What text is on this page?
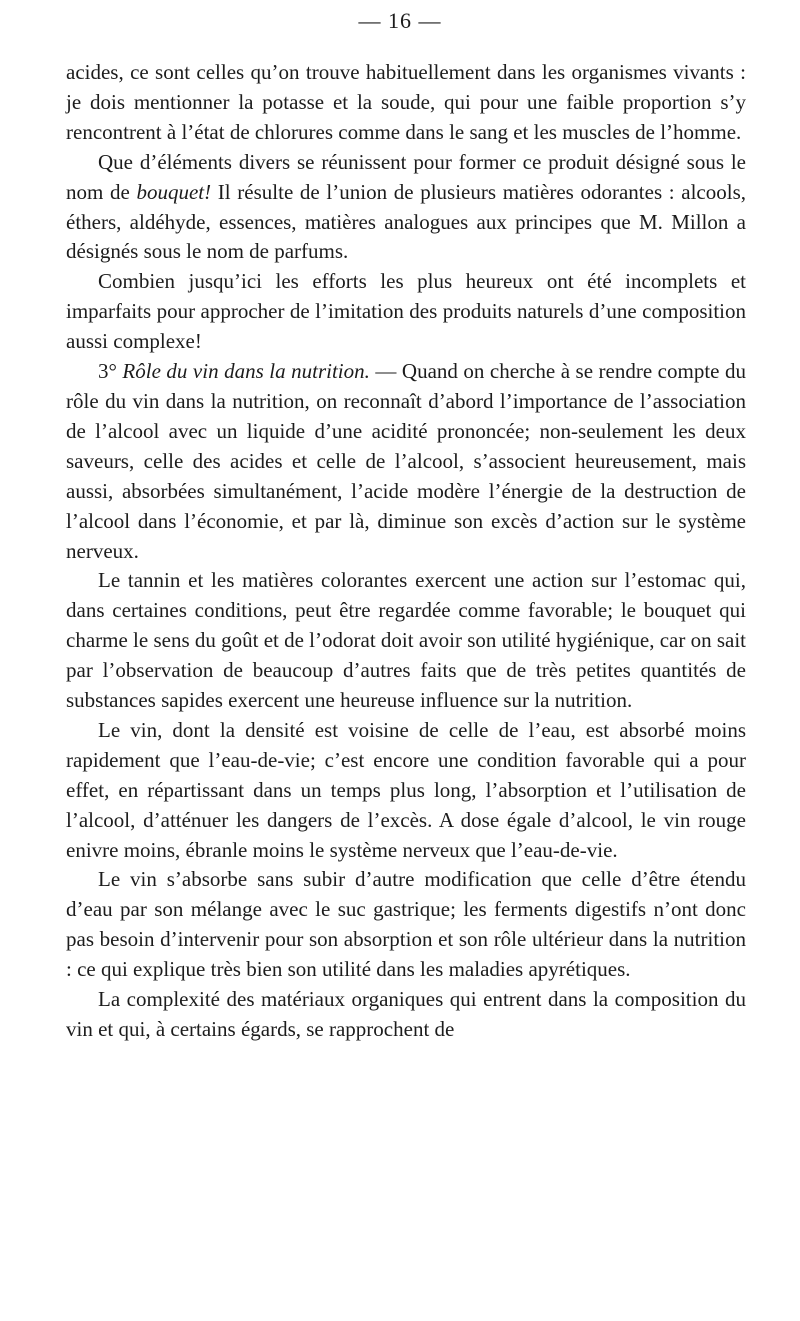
— 16 —

acides, ce sont celles qu’on trouve habituellement dans les organismes vivants : je dois mentionner la potasse et la soude, qui pour une faible proportion s’y rencontrent à l’état de chlorures comme dans le sang et les muscles de l’homme.

Que d’éléments divers se réunissent pour former ce produit désigné sous le nom de bouquet! Il résulte de l’union de plusieurs matières odorantes : alcools, éthers, aldéhyde, essences, matières analogues aux principes que M. Millon a désignés sous le nom de parfums.

Combien jusqu’ici les efforts les plus heureux ont été incomplets et imparfaits pour approcher de l’imitation des produits naturels d’une composition aussi complexe!

3° Rôle du vin dans la nutrition. — Quand on cherche à se rendre compte du rôle du vin dans la nutrition, on reconnaît d’abord l’importance de l’association de l’alcool avec un liquide d’une acidité prononcée; non-seulement les deux saveurs, celle des acides et celle de l’alcool, s’associent heureusement, mais aussi, absorbées simultanément, l’acide modère l’énergie de la destruction de l’alcool dans l’économie, et par là, diminue son excès d’action sur le système nerveux.

Le tannin et les matières colorantes exercent une action sur l’estomac qui, dans certaines conditions, peut être regardée comme favorable; le bouquet qui charme le sens du goût et de l’odorat doit avoir son utilité hygiénique, car on sait par l’observation de beaucoup d’autres faits que de très petites quantités de substances sapides exercent une heureuse influence sur la nutrition.

Le vin, dont la densité est voisine de celle de l’eau, est absorbé moins rapidement que l’eau-de-vie; c’est encore une condition favorable qui a pour effet, en répartissant dans un temps plus long, l’absorption et l’utilisation de l’alcool, d’atténuer les dangers de l’excès. A dose égale d’alcool, le vin rouge enivre moins, ébranle moins le système nerveux que l’eau-de-vie.

Le vin s’absorbe sans subir d’autre modification que celle d’être étendu d’eau par son mélange avec le suc gastrique; les ferments digestifs n’ont donc pas besoin d’intervenir pour son absorption et son rôle ultérieur dans la nutrition : ce qui explique très bien son utilité dans les maladies apyrétiques.

La complexité des matériaux organiques qui entrent dans la composition du vin et qui, à certains égards, se rapprochent de
